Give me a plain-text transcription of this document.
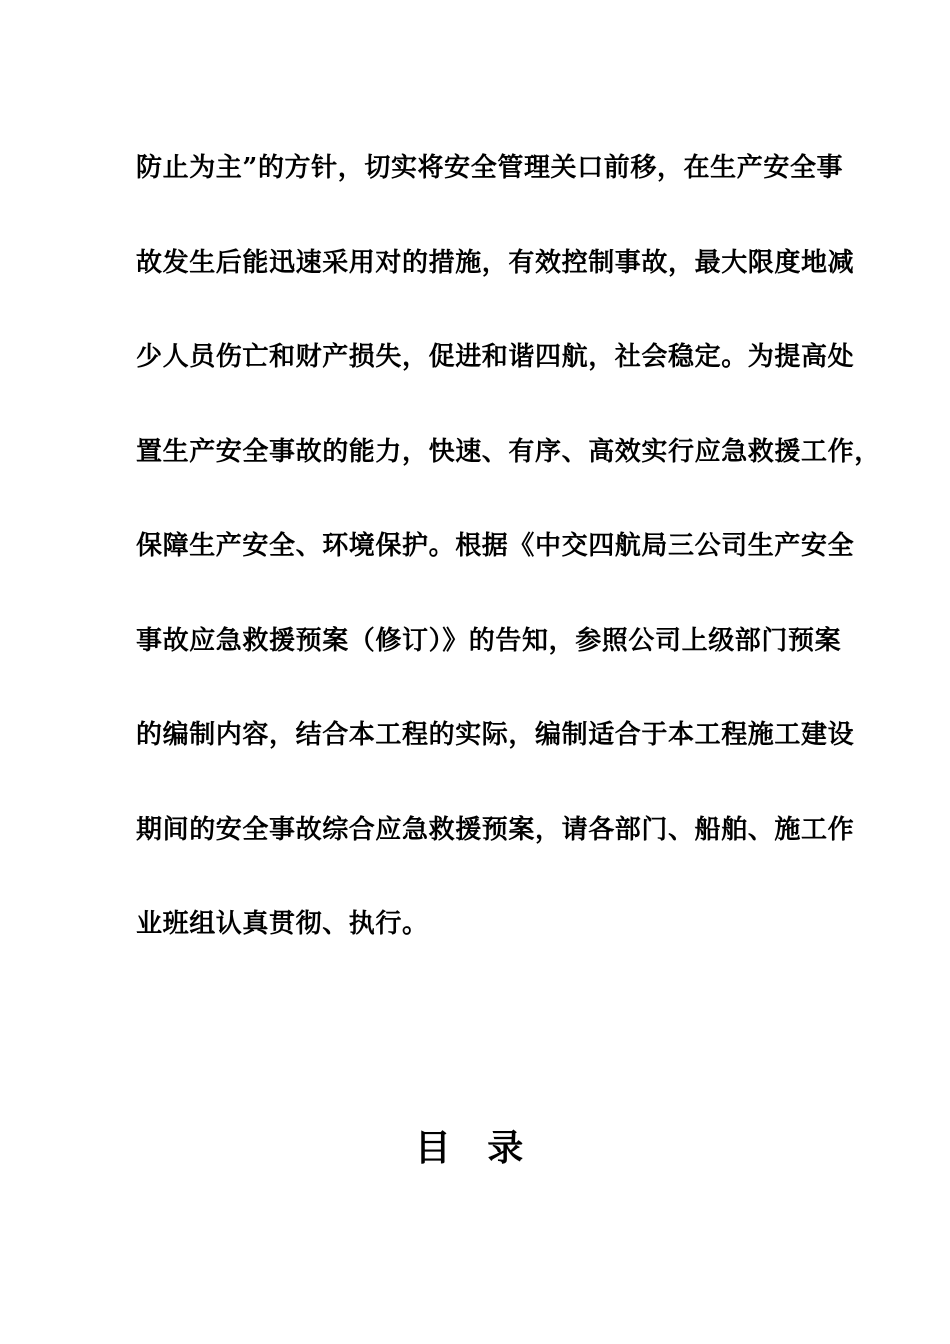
防止为主”的方针，切实将安全管理关口前移，在生产安全事
故发生后能迅速采用对的措施，有效控制事故，最大限度地减
少人员伤亡和财产损失，促进和谐四航，社会稳定。为提高处
置生产安全事故的能力，快速、有序、高效实行应急救援工作，
保障生产安全、环境保护。根据《中交四航局三公司生产安全
事故应急救援预案（修订）》的告知，参照公司上级部门预案
的编制内容，结合本工程的实际，编制适合于本工程施工建设
期间的安全事故综合应急救援预案，请各部门、船舶、施工作
业班组认真贯彻、执行。
目 录
